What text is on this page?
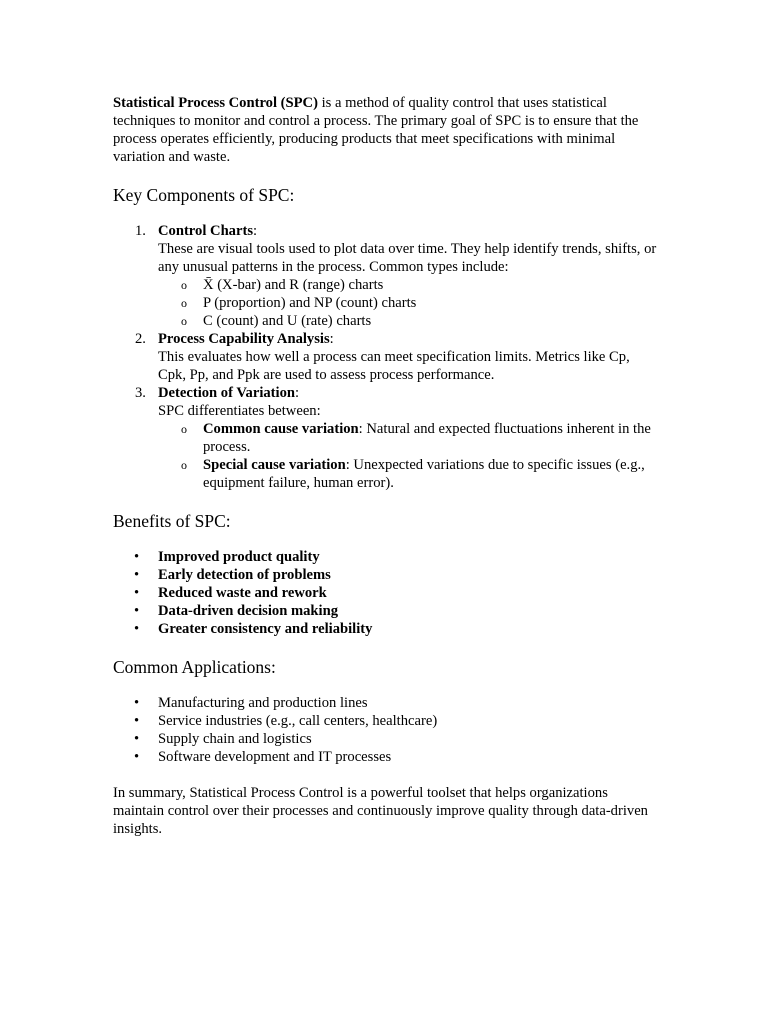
Statistical Process Control (SPC) is a method of quality control that uses statistical techniques to monitor and control a process. The primary goal of SPC is to ensure that the process operates efficiently, producing products that meet specifications with minimal variation and waste.

Key Components of SPC:
1. Control Charts:
These are visual tools used to plot data over time. They help identify trends, shifts, or any unusual patterns in the process. Common types include:
o X̄ (X-bar) and R (range) charts
o P (proportion) and NP (count) charts
o C (count) and U (rate) charts
2. Process Capability Analysis:
This evaluates how well a process can meet specification limits. Metrics like Cp, Cpk, Pp, and Ppk are used to assess process performance.
3. Detection of Variation:
SPC differentiates between:
o Common cause variation: Natural and expected fluctuations inherent in the process.
o Special cause variation: Unexpected variations due to specific issues (e.g., equipment failure, human error).
Benefits of SPC:
• Improved product quality
• Early detection of problems
• Reduced waste and rework
• Data-driven decision making
• Greater consistency and reliability
Common Applications:
• Manufacturing and production lines
• Service industries (e.g., call centers, healthcare)
• Supply chain and logistics
• Software development and IT processes

In summary, Statistical Process Control is a powerful toolset that helps organizations maintain control over their processes and continuously improve quality through data-driven insights.
